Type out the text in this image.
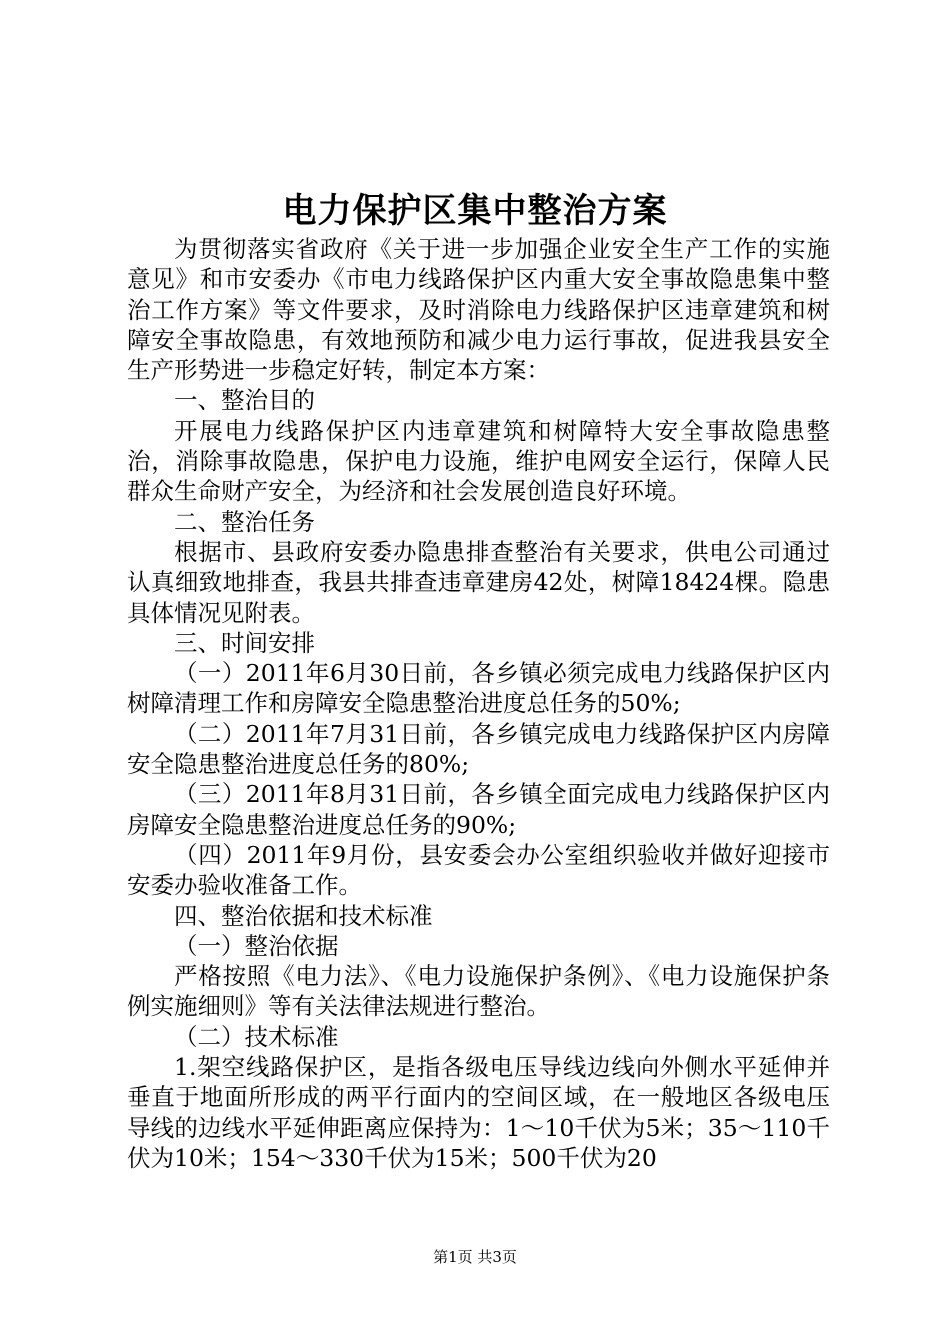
电力保护区集中整治方案

为贯彻落实省政府《关于进一步加强企业安全生产工作的实施意见》和市安委办《市电力线路保护区内重大安全事故隐患集中整治工作方案》等文件要求，及时消除电力线路保护区违章建筑和树障安全事故隐患，有效地预防和减少电力运行事故，促进我县安全生产形势进一步稳定好转，制定本方案：

一、整治目的

开展电力线路保护区内违章建筑和树障特大安全事故隐患整治，消除事故隐患，保护电力设施，维护电网安全运行，保障人民群众生命财产安全，为经济和社会发展创造良好环境。

二、整治任务

根据市、县政府安委办隐患排查整治有关要求，供电公司通过认真细致地排查，我县共排查违章建房42处，树障18424棵。隐患具体情况见附表。

三、时间安排

（一）2011年6月30日前，各乡镇必须完成电力线路保护区内树障清理工作和房障安全隐患整治进度总任务的50%;

（二）2011年7月31日前，各乡镇完成电力线路保护区内房障安全隐患整治进度总任务的80%;

（三）2011年8月31日前，各乡镇全面完成电力线路保护区内房障安全隐患整治进度总任务的90%;

（四）2011年9月份，县安委会办公室组织验收并做好迎接市安委办验收准备工作。

四、整治依据和技术标准

（一）整治依据

严格按照《电力法》、《电力设施保护条例》、《电力设施保护条例实施细则》等有关法律法规进行整治。

（二）技术标准

1.架空线路保护区，是指各级电压导线边线向外侧水平延伸并垂直于地面所形成的两平行面内的空间区域，在一般地区各级电压导线的边线水平延伸距离应保持为：1～10千伏为5米；35～110千伏为10米；154～330千伏为15米；500千伏为20

第1页 共3页
